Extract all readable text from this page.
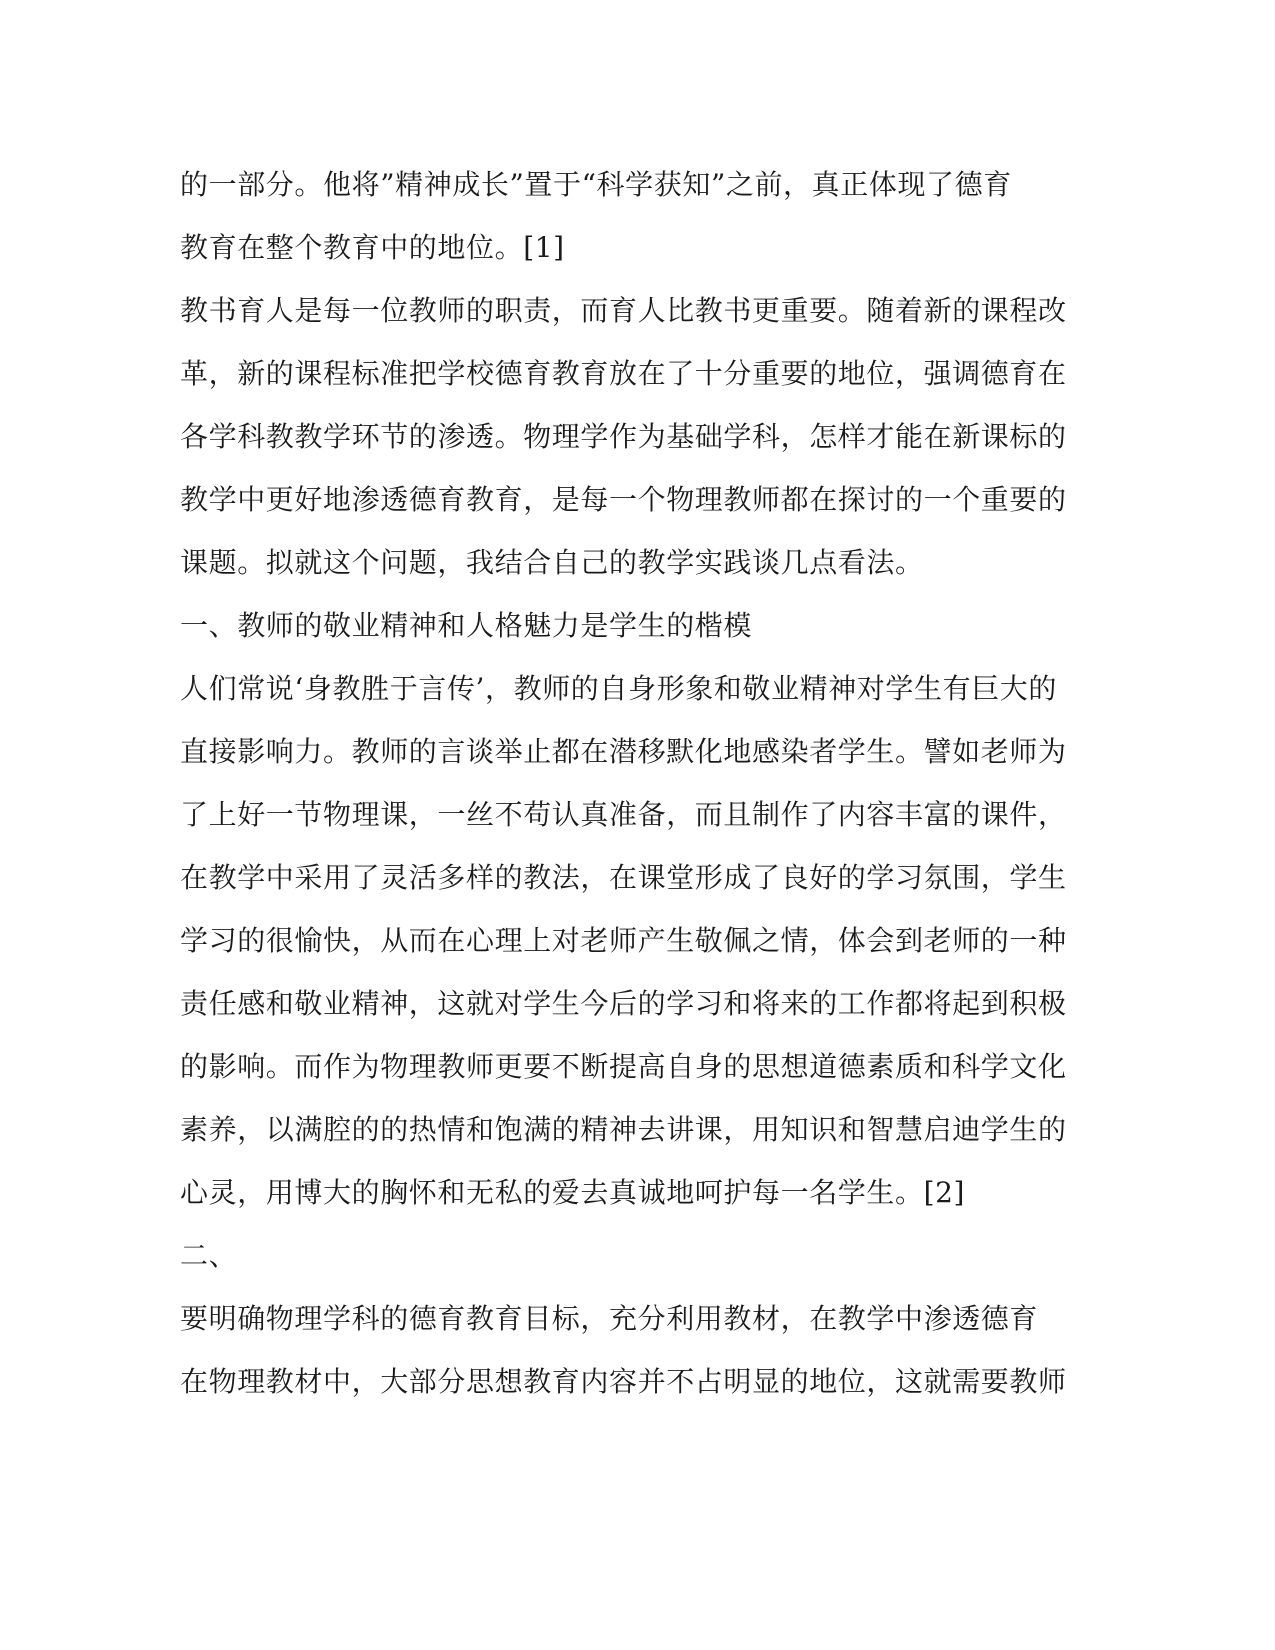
的一部分。他将”精神成长”置于“科学获知”之前，真正体现了德育
教育在整个教育中的地位。[1]
教书育人是每一位教师的职责，而育人比教书更重要。随着新的课程改
革，新的课程标准把学校德育教育放在了十分重要的地位，强调德育在
各学科教教学环节的渗透。物理学作为基础学科，怎样才能在新课标的
教学中更好地渗透德育教育，是每一个物理教师都在探讨的一个重要的
课题。拟就这个问题，我结合自己的教学实践谈几点看法。
一、教师的敬业精神和人格魅力是学生的楷模
人们常说‘身教胜于言传’，教师的自身形象和敬业精神对学生有巨大的
直接影响力。教师的言谈举止都在潜移默化地感染者学生。譬如老师为
了上好一节物理课，一丝不苟认真准备，而且制作了内容丰富的课件，
在教学中采用了灵活多样的教法，在课堂形成了良好的学习氛围，学生
学习的很愉快，从而在心理上对老师产生敬佩之情，体会到老师的一种
责任感和敬业精神，这就对学生今后的学习和将来的工作都将起到积极
的影响。而作为物理教师更要不断提高自身的思想道德素质和科学文化
素养，以满腔的的热情和饱满的精神去讲课，用知识和智慧启迪学生的
心灵，用博大的胸怀和无私的爱去真诚地呵护每一名学生。[2]
二、
要明确物理学科的德育教育目标，充分利用教材，在教学中渗透德育
在物理教材中，大部分思想教育内容并不占明显的地位，这就需要教师
